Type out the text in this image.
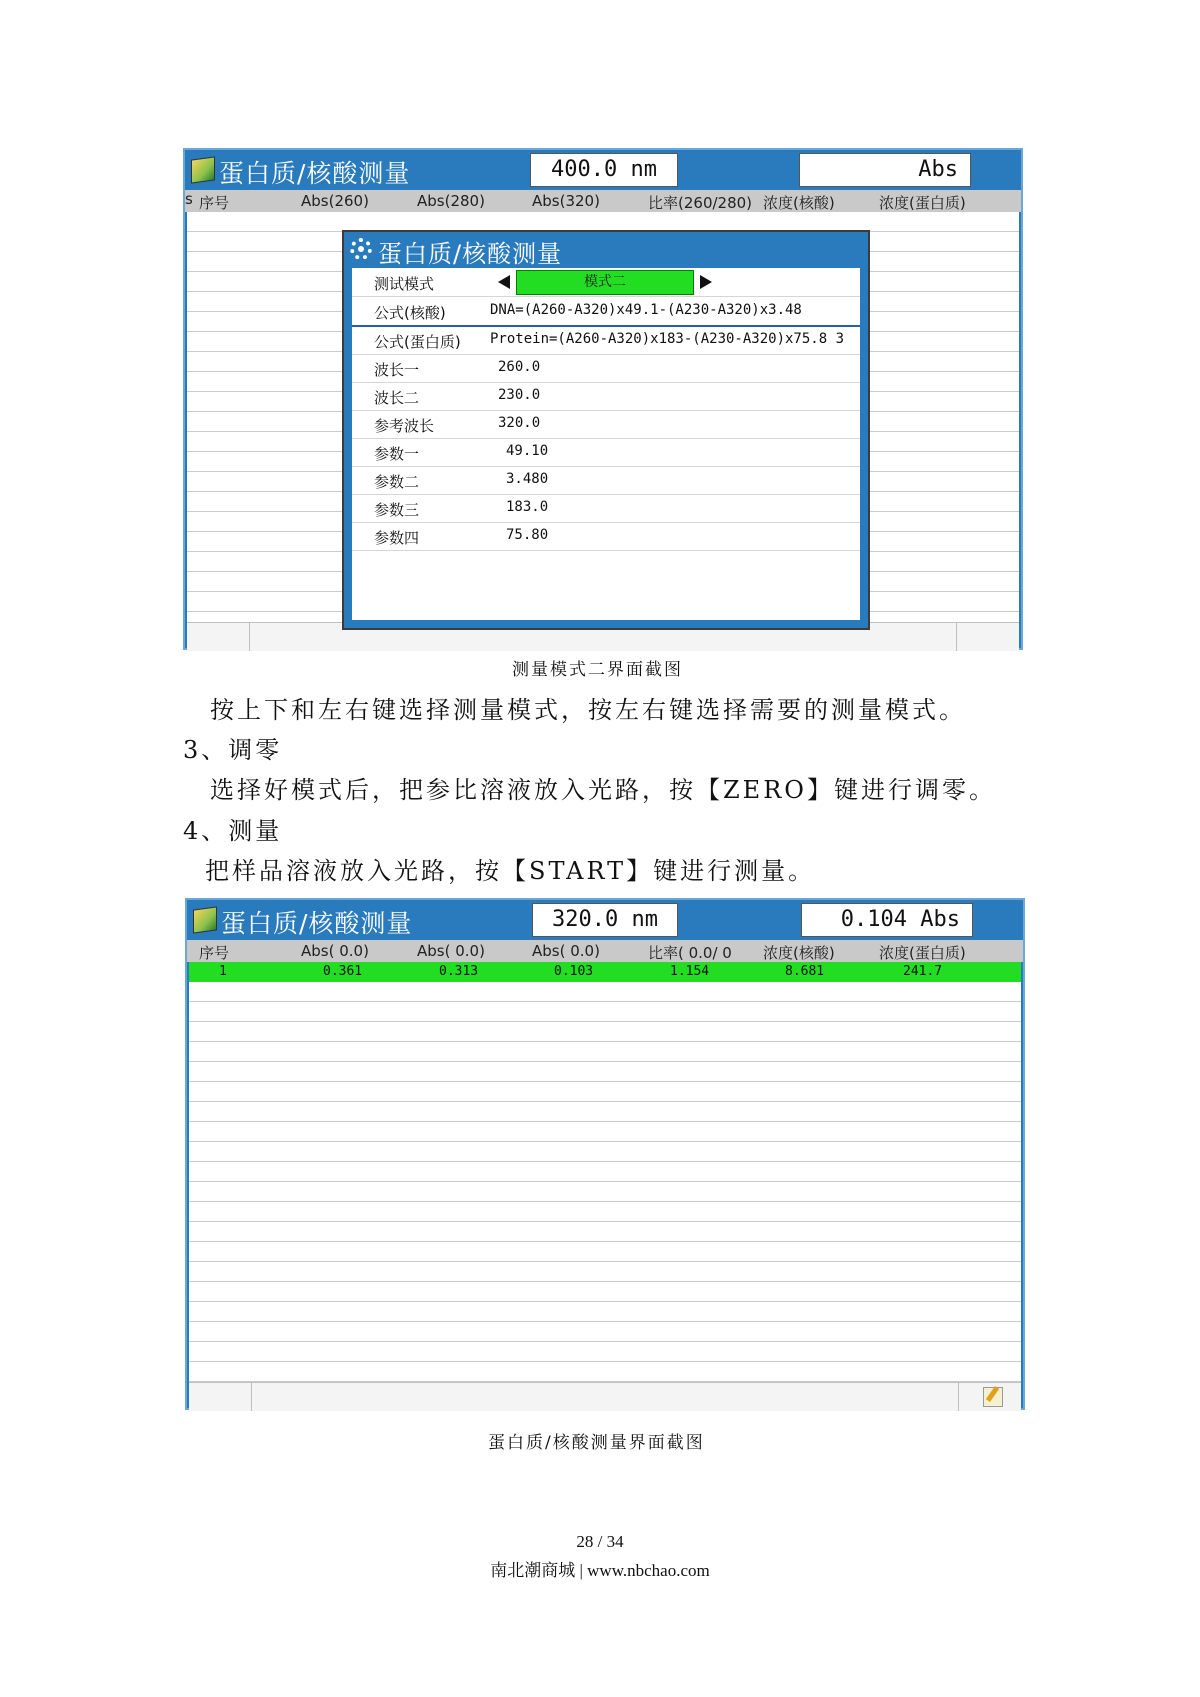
蛋白质/核酸测量	400.0 nm	Abs
序号	Abs(260)	Abs(280)	Abs(320)
s	比率(260/280) 浓度(核酸)	浓度(蛋白质)
蛋白质/核酸测量
测试模式	模式二
公式(核酸)	DNA=(A260-A320)x49.1-(A230-A320)x3.48
公式(蛋白质) Protein=(A260-A320)x183-(A230-A320)x75.8 3
波长一	260.0
波长二	230.0
参考波长	320.0
参数一	49.10
参数二	3.480
参数三	183.0
参数四	75.80
测量模式二界面截图
按上下和左右键选择测量模式，按左右键选择需要的测量模式。
3、调零
选择好模式后，把参比溶液放入光路，按【ZERO】键进行调零。
4、测量
把样品溶液放入光路，按【START】键进行测量。
蛋白质/核酸测量	320.0 nm	0.104 Abs
序号	Abs( 0.0)	Abs( 0.0)	Abs( 0.0)	比率( 0.0/ 0 浓度(核酸)	浓度(蛋白质)
1	0.361	0.313	0.103	1.154	8.681	241.7
蛋白质/核酸测量界面截图
28 / 34
南北潮商城 | www.nbchao.com
